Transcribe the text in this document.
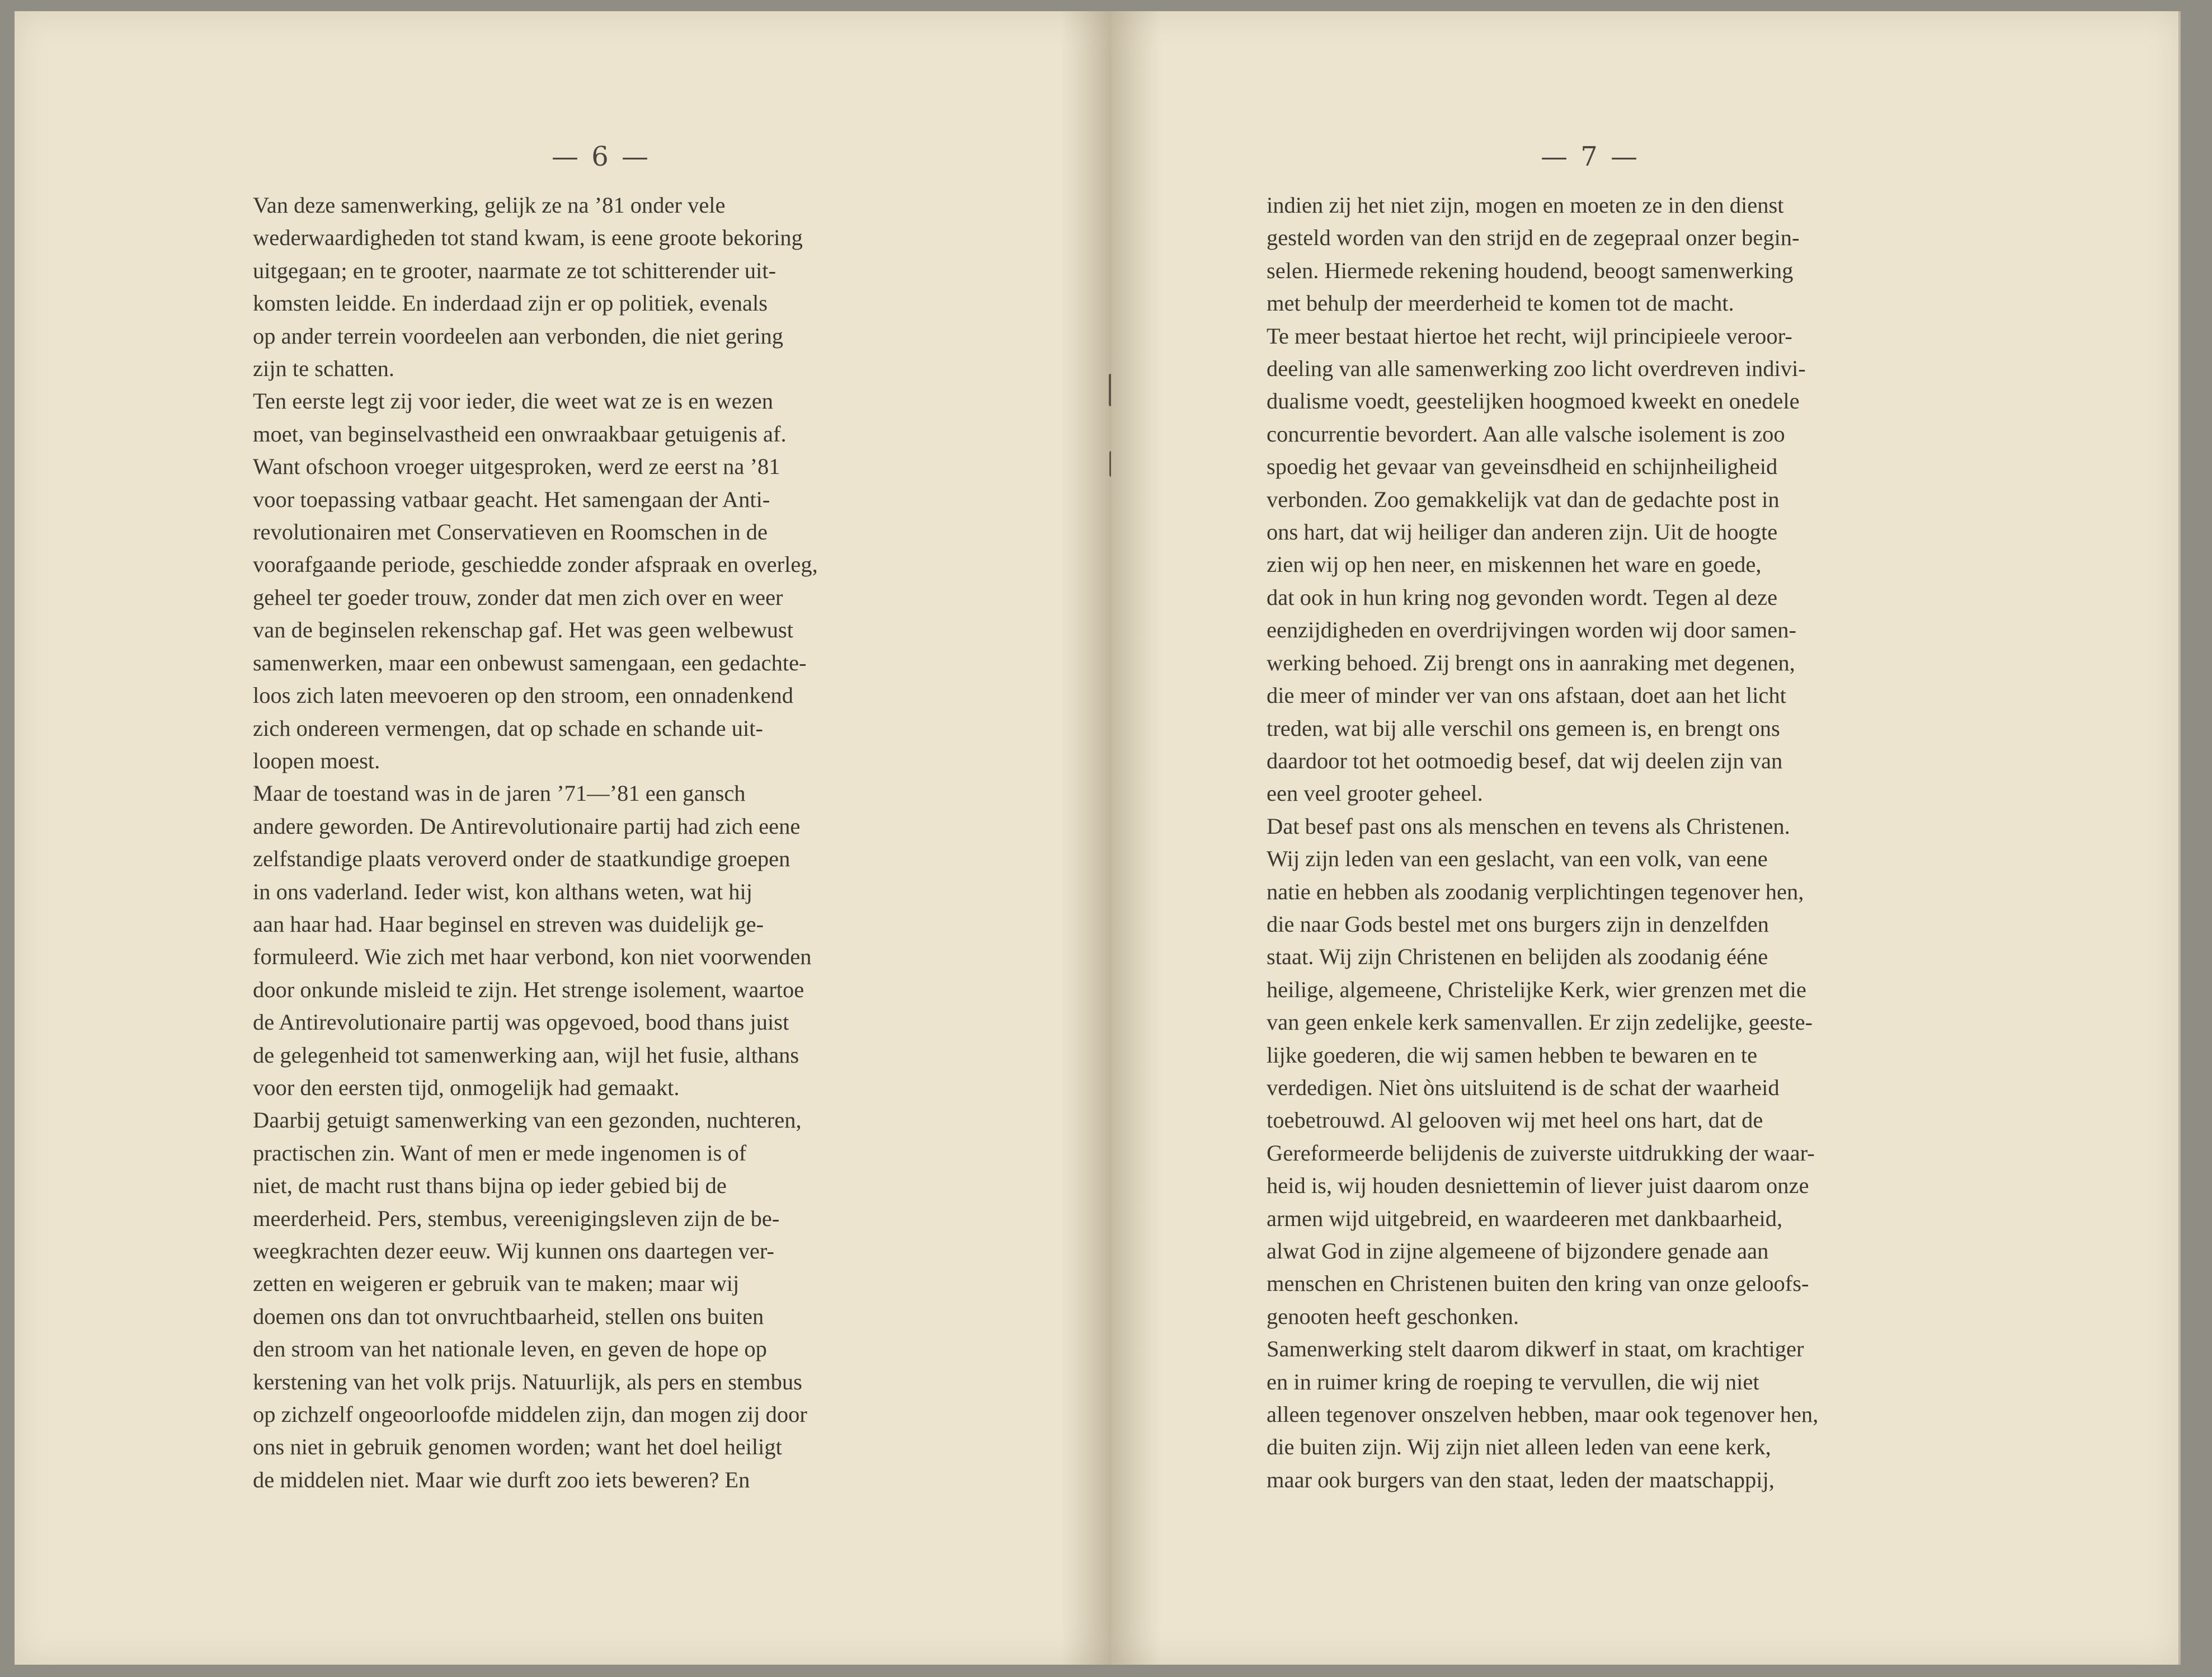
— 6 —
Van deze samenwerking, gelijk ze na ’81 onder vele
wederwaardigheden tot stand kwam, is eene groote bekoring
uitgegaan; en te grooter, naarmate ze tot schitterender uit-
komsten leidde. En inderdaad zijn er op politiek, evenals
op ander terrein voordeelen aan verbonden, die niet gering
zijn te schatten.
Ten eerste legt zij voor ieder, die weet wat ze is en wezen
moet, van beginselvastheid een onwraakbaar getuigenis af.
Want ofschoon vroeger uitgesproken, werd ze eerst na ’81
voor toepassing vatbaar geacht. Het samengaan der Anti-
revolutionairen met Conservatieven en Roomschen in de
voorafgaande periode, geschiedde zonder afspraak en overleg,
geheel ter goeder trouw, zonder dat men zich over en weer
van de beginselen rekenschap gaf. Het was geen welbewust
samenwerken, maar een onbewust samengaan, een gedachte-
loos zich laten meevoeren op den stroom, een onnadenkend
zich ondereen vermengen, dat op schade en schande uit-
loopen moest.
Maar de toestand was in de jaren ’71—’81 een gansch
andere geworden. De Antirevolutionaire partij had zich eene
zelfstandige plaats veroverd onder de staatkundige groepen
in ons vaderland. Ieder wist, kon althans weten, wat hij
aan haar had. Haar beginsel en streven was duidelijk ge-
formuleerd. Wie zich met haar verbond, kon niet voorwenden
door onkunde misleid te zijn. Het strenge isolement, waartoe
de Antirevolutionaire partij was opgevoed, bood thans juist
de gelegenheid tot samenwerking aan, wijl het fusie, althans
voor den eersten tijd, onmogelijk had gemaakt.
Daarbij getuigt samenwerking van een gezonden, nuchteren,
practischen zin. Want of men er mede ingenomen is of
niet, de macht rust thans bijna op ieder gebied bij de
meerderheid. Pers, stembus, vereenigingsleven zijn de be-
weegkrachten dezer eeuw. Wij kunnen ons daartegen ver-
zetten en weigeren er gebruik van te maken; maar wij
doemen ons dan tot onvruchtbaarheid, stellen ons buiten
den stroom van het nationale leven, en geven de hope op
kerstening van het volk prijs. Natuurlijk, als pers en stembus
op zichzelf ongeoorloofde middelen zijn, dan mogen zij door
ons niet in gebruik genomen worden; want het doel heiligt
de middelen niet. Maar wie durft zoo iets beweren? En
— 7 —
indien zij het niet zijn, mogen en moeten ze in den dienst
gesteld worden van den strijd en de zegepraal onzer begin-
selen. Hiermede rekening houdend, beoogt samenwerking
met behulp der meerderheid te komen tot de macht.
Te meer bestaat hiertoe het recht, wijl principieele veroor-
deeling van alle samenwerking zoo licht overdreven indivi-
dualisme voedt, geestelijken hoogmoed kweekt en onedele
concurrentie bevordert. Aan alle valsche isolement is zoo
spoedig het gevaar van geveinsdheid en schijnheiligheid
verbonden. Zoo gemakkelijk vat dan de gedachte post in
ons hart, dat wij heiliger dan anderen zijn. Uit de hoogte
zien wij op hen neer, en miskennen het ware en goede,
dat ook in hun kring nog gevonden wordt. Tegen al deze
eenzijdigheden en overdrijvingen worden wij door samen-
werking behoed. Zij brengt ons in aanraking met degenen,
die meer of minder ver van ons afstaan, doet aan het licht
treden, wat bij alle verschil ons gemeen is, en brengt ons
daardoor tot het ootmoedig besef, dat wij deelen zijn van
een veel grooter geheel.
Dat besef past ons als menschen en tevens als Christenen.
Wij zijn leden van een geslacht, van een volk, van eene
natie en hebben als zoodanig verplichtingen tegenover hen,
die naar Gods bestel met ons burgers zijn in denzelfden
staat. Wij zijn Christenen en belijden als zoodanig ééne
heilige, algemeene, Christelijke Kerk, wier grenzen met die
van geen enkele kerk samenvallen. Er zijn zedelijke, geeste-
lijke goederen, die wij samen hebben te bewaren en te
verdedigen. Niet òns uitsluitend is de schat der waarheid
toebetrouwd. Al gelooven wij met heel ons hart, dat de
Gereformeerde belijdenis de zuiverste uitdrukking der waar-
heid is, wij houden desniettemin of liever juist daarom onze
armen wijd uitgebreid, en waardeeren met dankbaarheid,
alwat God in zijne algemeene of bijzondere genade aan
menschen en Christenen buiten den kring van onze geloofs-
genooten heeft geschonken.
Samenwerking stelt daarom dikwerf in staat, om krachtiger
en in ruimer kring de roeping te vervullen, die wij niet
alleen tegenover onszelven hebben, maar ook tegenover hen,
die buiten zijn. Wij zijn niet alleen leden van eene kerk,
maar ook burgers van den staat, leden der maatschappij,
